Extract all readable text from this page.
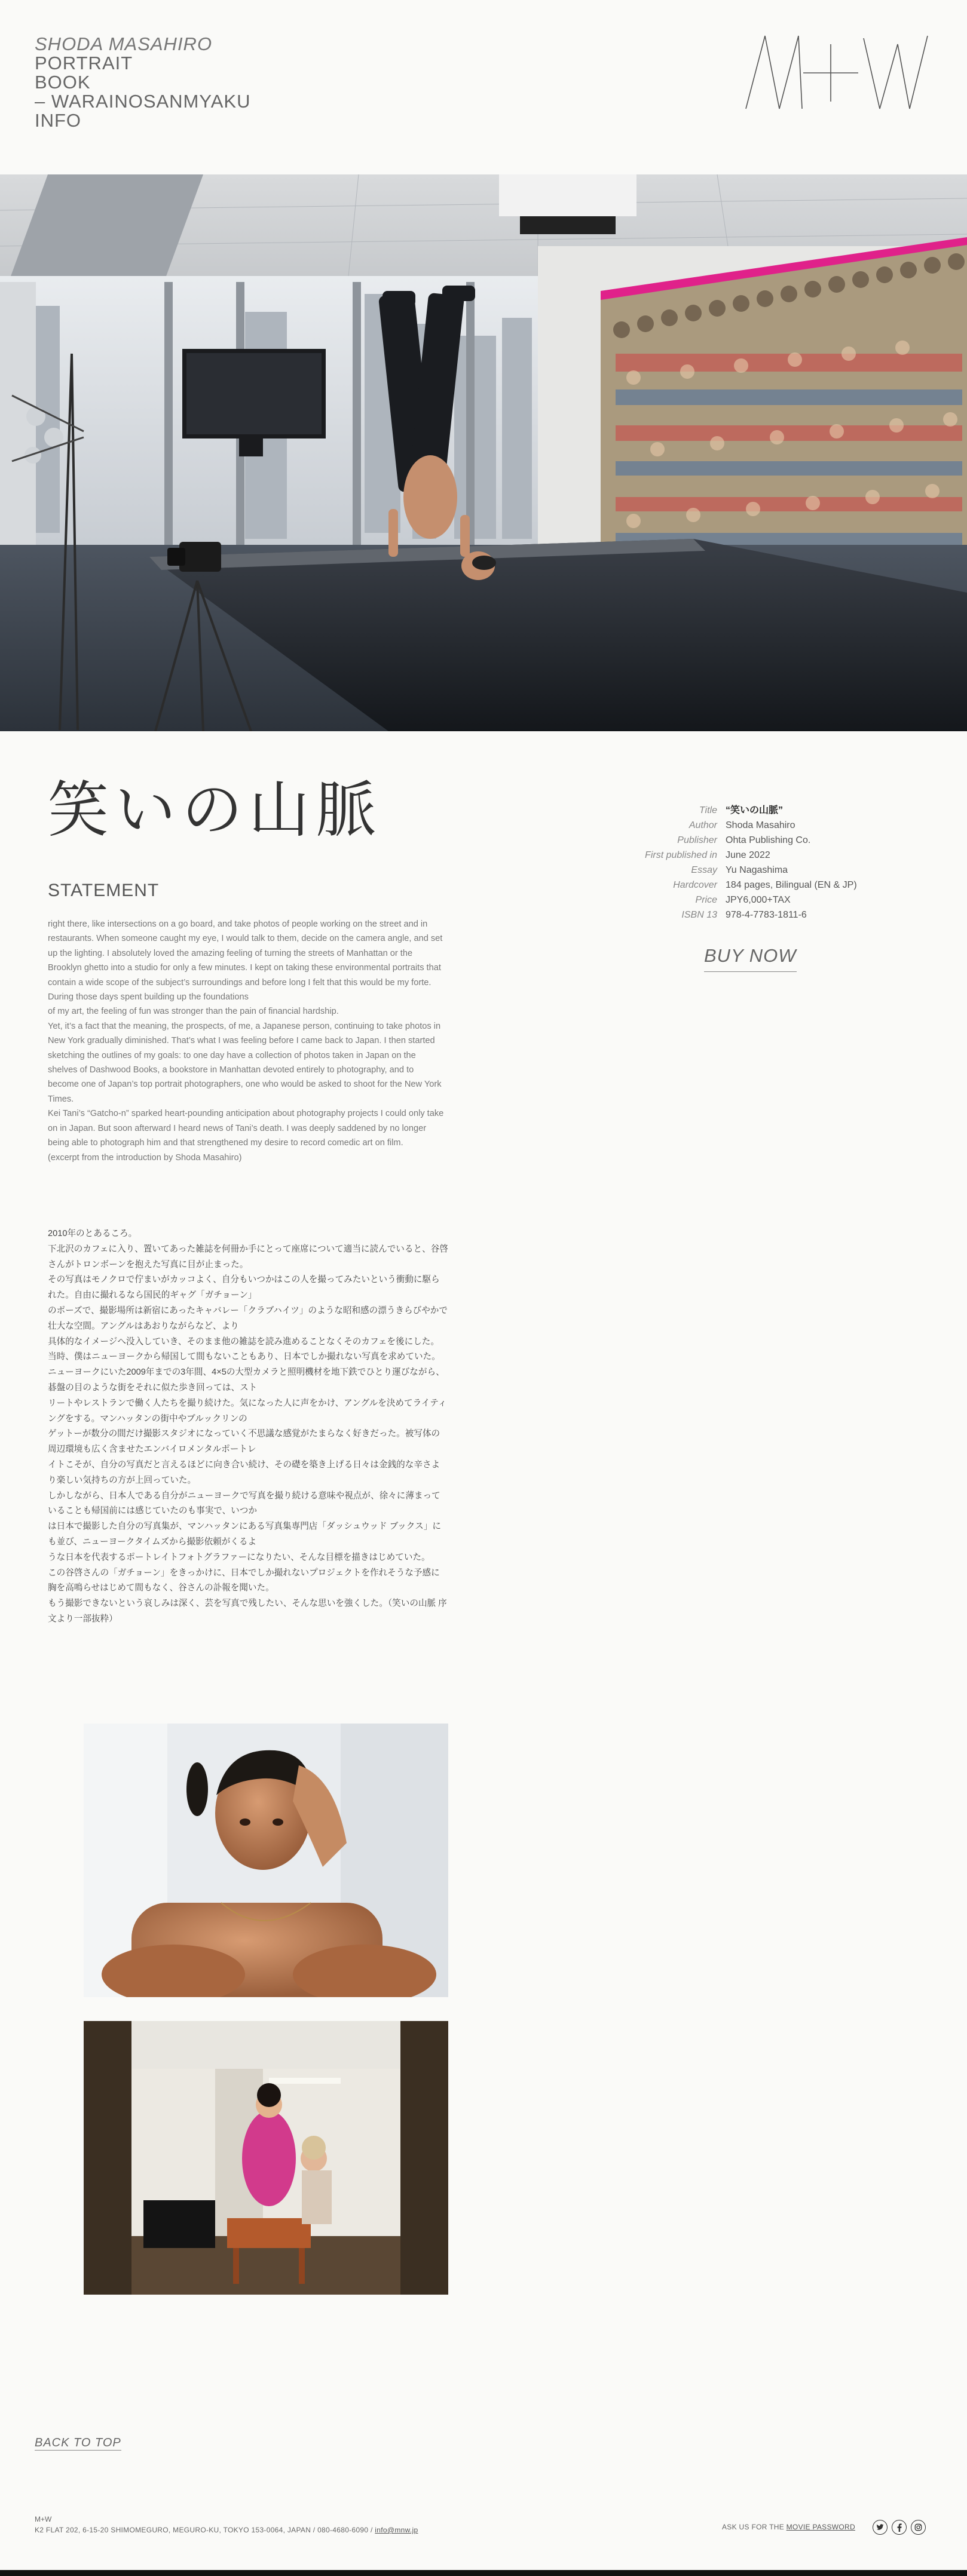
SHODA MASAHIRO
PORTRAIT
BOOK
– WARAINOSANMYAKU
INFO
笑いの山脈	Title “笑いの山脈”
Author Shoda Masahiro
Publisher Ohta Publishing Co.
First published in June 2022
Essay Yu Nagashima
Hardcover 184 pages, Bilingual (EN & JP)
Price JPY6,000+TAX
ISBN 13 978-4-7783-1811-6
BUY NOW
STATEMENT

right there, like intersections on a go board, and take photos of people working on the street and in restaurants. When someone caught my eye, I would talk to them, decide on the camera angle, and set up the lighting. I absolutely loved the amazing feeling of turning the streets of Manhattan or the Brooklyn ghetto into a studio for only a few minutes. I kept on taking these environmental portraits that contain a wide scope of the subject’s surroundings and before long I felt that this would be my forte. During those days spent building up the foundations

of my art, the feeling of fun was stronger than the pain of financial hardship.

Yet, it’s a fact that the meaning, the prospects, of me, a Japanese person, continuing to take photos in New York gradually diminished. That’s what I was feeling before I came back to Japan. I then started sketching the outlines of my goals: to one day have a collection of photos taken in Japan on the shelves of Dashwood Books, a bookstore in Manhattan devoted entirely to photography, and to become one of Japan’s top portrait photographers, one who would be asked to shoot for the New York Times.

Kei Tani’s “Gatcho-n” sparked heart-pounding anticipation about photography projects I could only take on in Japan. But soon afterward I heard news of Tani’s death. I was deeply saddened by no longer being able to photograph him and that strengthened my desire to record comedic art on film.

(excerpt from the introduction by Shoda Masahiro)

2010年のとあるころ。

下北沢のカフェに入り、置いてあった雑誌を何冊か手にとって座席について適当に読んでいると、谷啓さんがトロンボーンを抱えた写真に目が止まった。

その写真はモノクロで佇まいがカッコよく、自分もいつかはこの人を撮ってみたいという衝動に駆られた。自由に撮れるなら国民的ギャグ「ガチョーン」

のポーズで、撮影場所は新宿にあったキャバレー「クラブハイツ」のような昭和感の漂うきらびやかで壮大な空間。アングルはあおりながらなど、より

具体的なイメージへ没入していき、そのまま他の雑誌を読み進めることなくそのカフェを後にした。

当時、僕はニューヨークから帰国して間もないこともあり、日本でしか撮れない写真を求めていた。

ニューヨークにいた2009年までの3年間、4×5の大型カメラと照明機材を地下鉄でひとり運びながら、碁盤の目のような街をそれに似た歩き回っては、スト

リートやレストランで働く人たちを撮り続けた。気になった人に声をかけ、アングルを決めてライティングをする。マンハッタンの街中やブルックリンの

ゲットーが数分の間だけ撮影スタジオになっていく不思議な感覚がたまらなく好きだった。被写体の周辺環境も広く含ませたエンバイロメンタルポートレ

イトこそが、自分の写真だと言えるほどに向き合い続け、その礎を築き上げる日々は金銭的な辛さより楽しい気持ちの方が上回っていた。

しかしながら、日本人である自分がニューヨークで写真を撮り続ける意味や視点が、徐々に薄まっていることも帰国前には感じていたのも事実で、いつか

は日本で撮影した自分の写真集が、マンハッタンにある写真集専門店「ダッシュウッド ブックス」にも並び、ニューヨークタイムズから撮影依頼がくるよ

うな日本を代表するポートレイトフォトグラファーになりたい、そんな目標を描きはじめていた。

この谷啓さんの「ガチョーン」をきっかけに、日本でしか撮れないプロジェクトを作れそうな予感に胸を高鳴らせはじめて間もなく、谷さんの訃報を聞いた。

もう撮影できないという哀しみは深く、芸を写真で残したい、そんな思いを強くした。（笑いの山脈 序文より一部抜粋）

BACK TO TOP
M+W
K2 FLAT 202, 6-15-20 SHIMOMEGURO, MEGURO-KU, TOKYO 153-0064, JAPAN / 080-4680-6090 / info@mnw.jp	ASK US FOR THE MOVIE PASSWORD
